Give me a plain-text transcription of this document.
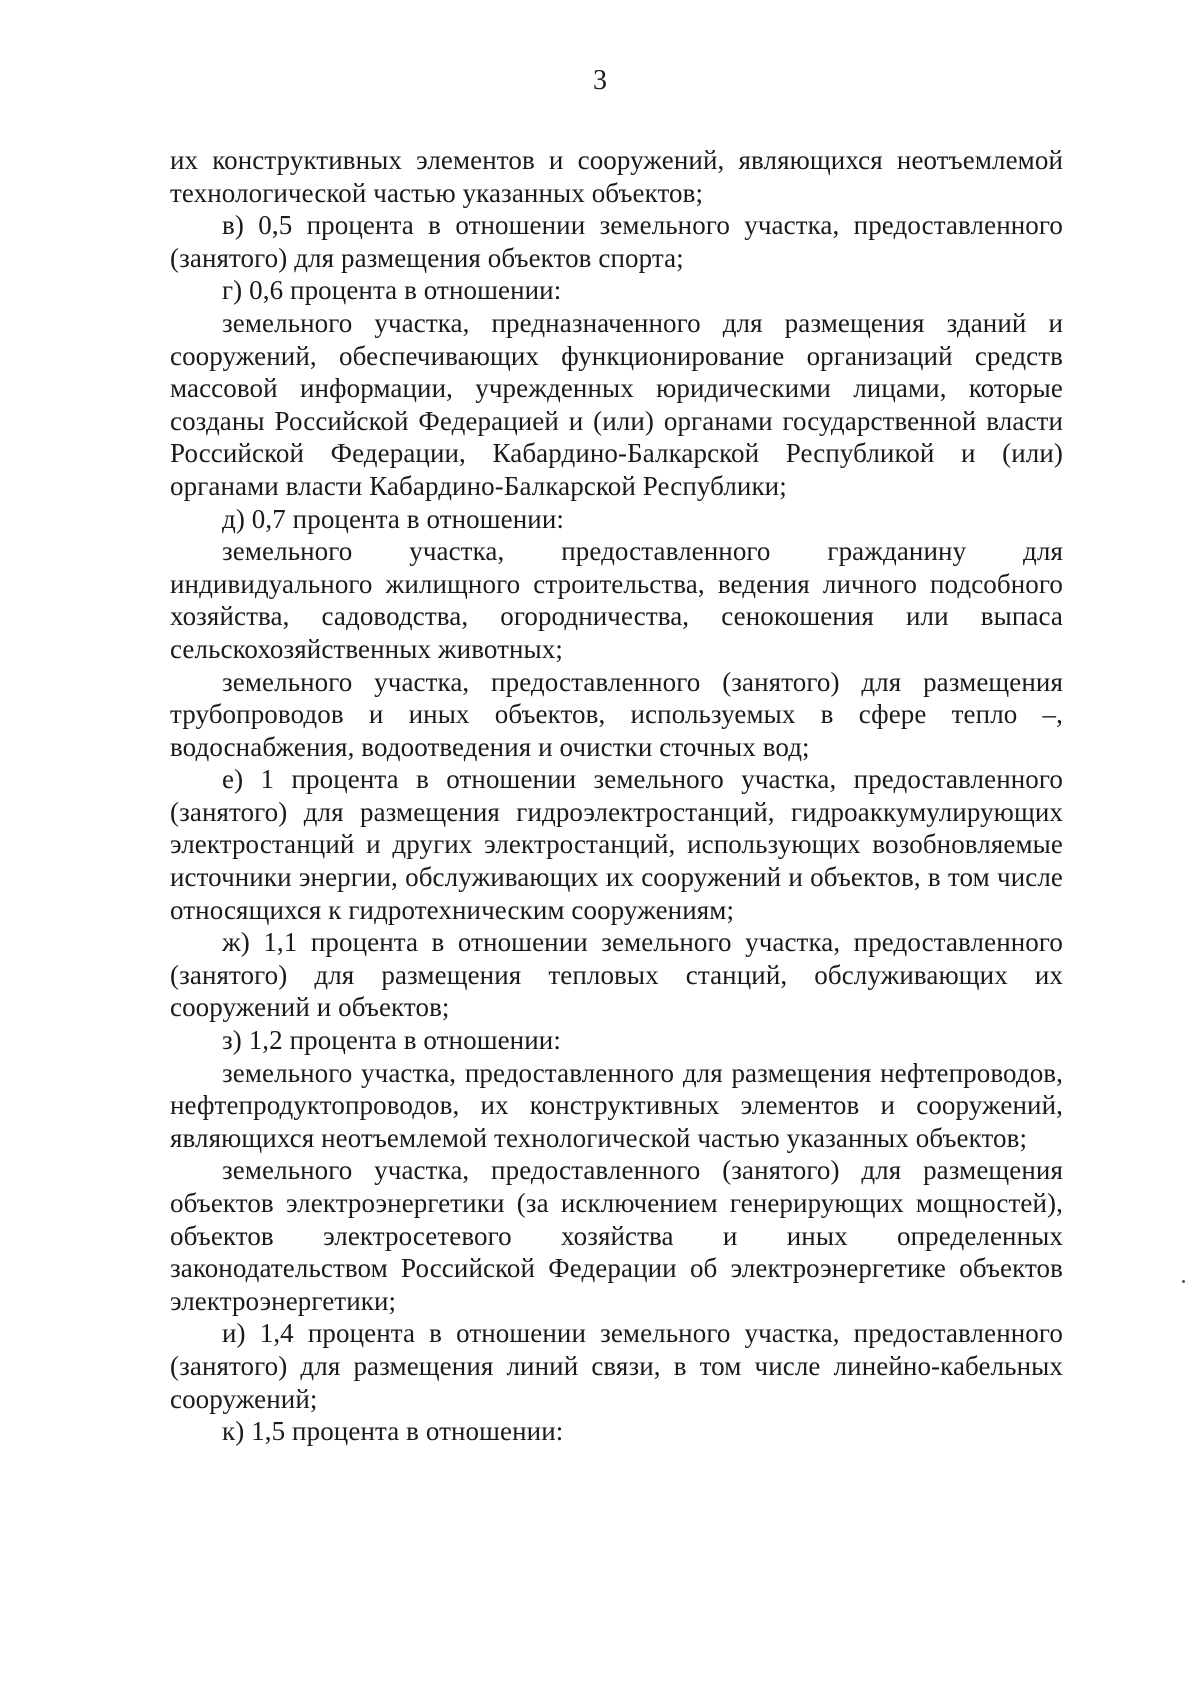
3

их конструктивных элементов и сооружений, являющихся неотъемлемой технологической частью указанных объектов;

в) 0,5 процента в отношении земельного участка, предоставленного (занятого) для размещения объектов спорта;

г) 0,6 процента в отношении:

земельного участка, предназначенного для размещения зданий и сооружений, обеспечивающих функционирование организаций средств массовой информации, учрежденных юридическими лицами, которые созданы Российской Федерацией и (или) органами государственной власти Российской Федерации, Кабардино-Балкарской Республикой и (или) органами власти Кабардино-Балкарской Республики;

д) 0,7 процента в отношении:

земельного участка, предоставленного гражданину для индивидуального жилищного строительства, ведения личного подсобного хозяйства, садоводства, огородничества, сенокошения или выпаса сельскохозяйственных животных;

земельного участка, предоставленного (занятого) для размещения трубопроводов и иных объектов, используемых в сфере тепло –, водоснабжения, водоотведения и очистки сточных вод;

е) 1 процента в отношении земельного участка, предоставленного (занятого) для размещения гидроэлектростанций, гидроаккумулирующих электростанций и других электростанций, использующих возобновляемые источники энергии, обслуживающих их сооружений и объектов, в том числе относящихся к гидротехническим сооружениям;

ж) 1,1 процента в отношении земельного участка, предоставленного (занятого) для размещения тепловых станций, обслуживающих их сооружений и объектов;

з) 1,2 процента в отношении:

земельного участка, предоставленного для размещения нефтепроводов, нефтепродуктопроводов, их конструктивных элементов и сооружений, являющихся неотъемлемой технологической частью указанных объектов;

земельного участка, предоставленного (занятого) для размещения объектов электроэнергетики (за исключением генерирующих мощностей), объектов электросетевого хозяйства и иных определенных законодательством Российской Федерации об электроэнергетике объектов электроэнергетики;

и) 1,4 процента в отношении земельного участка, предоставленного (занятого) для размещения линий связи, в том числе линейно-кабельных сооружений;

к) 1,5 процента в отношении:
